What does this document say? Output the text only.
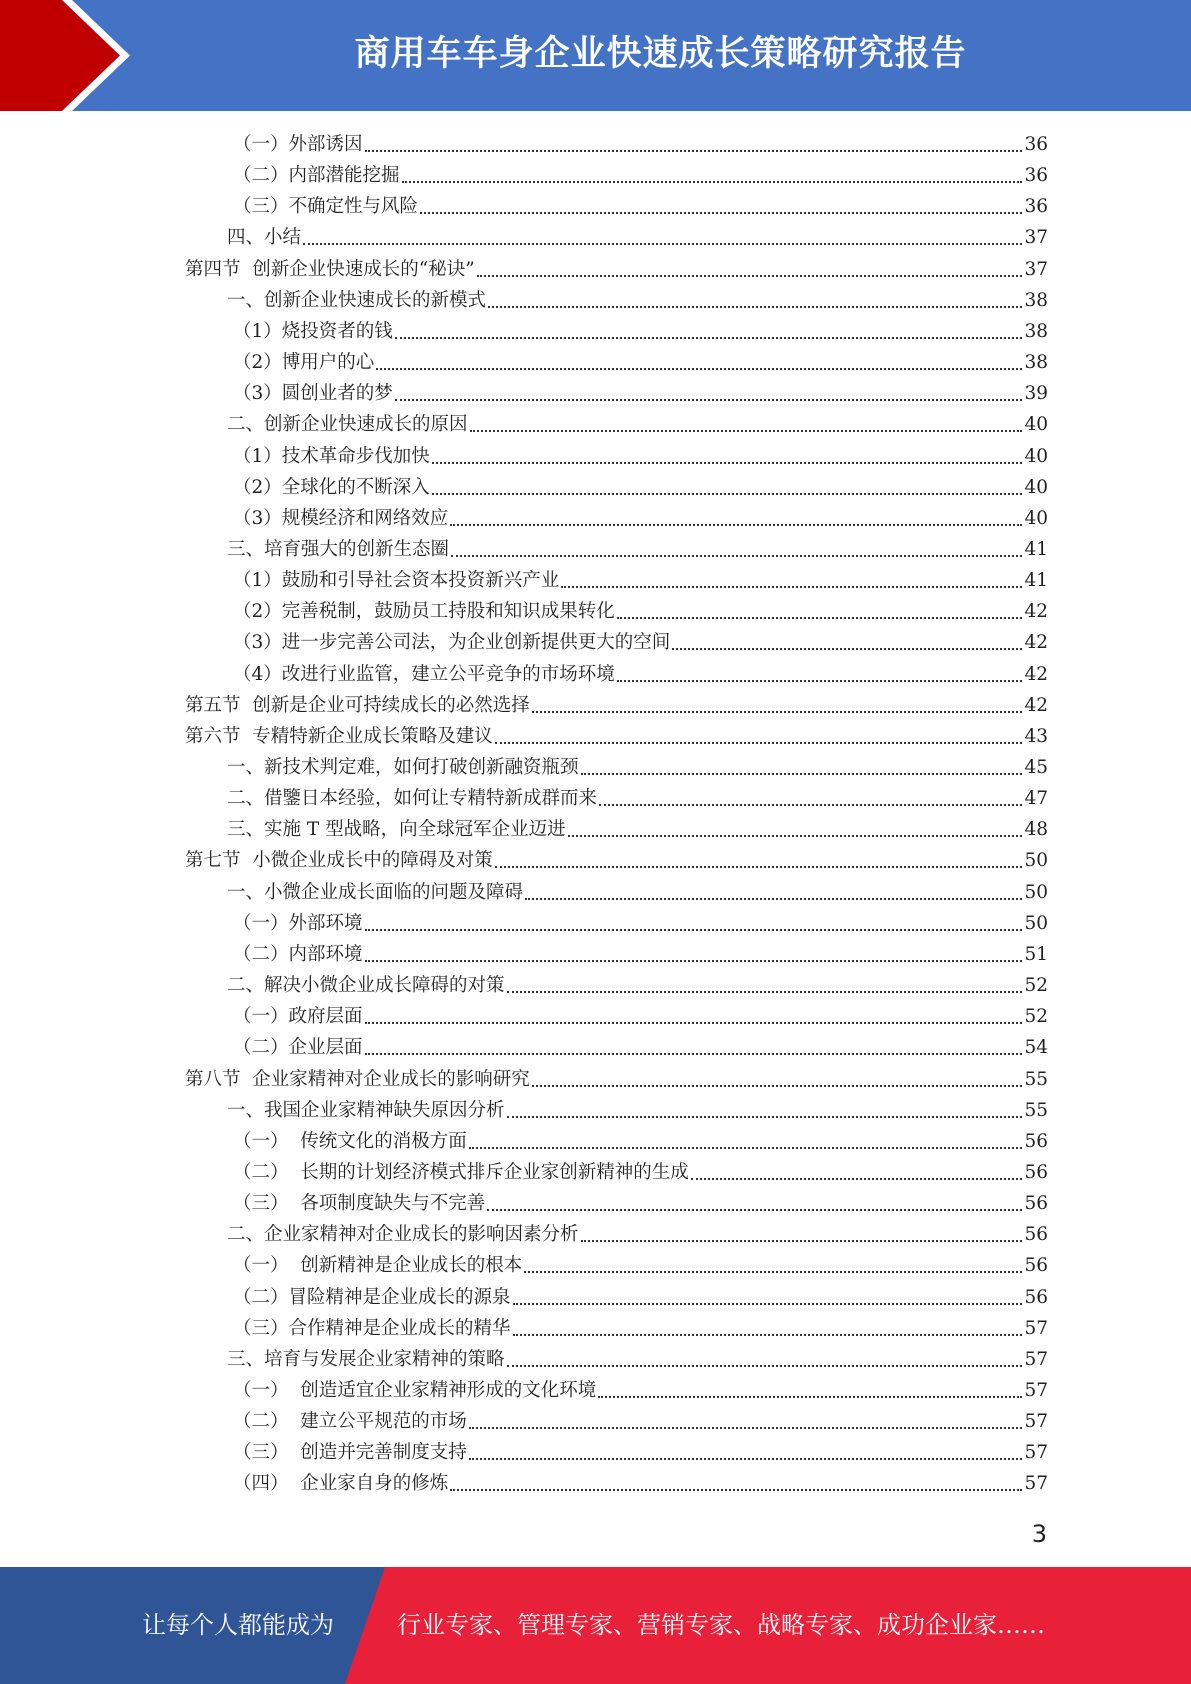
商用车车身企业快速成长策略研究报告
（一）外部诱因	36
（二）内部潜能挖掘	36
（三）不确定性与风险	36
四、小结	37
第四节  创新企业快速成长的“秘诀”	37
一、创新企业快速成长的新模式	38
（1）烧投资者的钱	38
（2）博用户的心	38
（3）圆创业者的梦	39
二、创新企业快速成长的原因	40
（1）技术革命步伐加快	40
（2）全球化的不断深入	40
（3）规模经济和网络效应	40
三、培育强大的创新生态圈	41
（1）鼓励和引导社会资本投资新兴产业	41
（2）完善税制，鼓励员工持股和知识成果转化	42
（3）进一步完善公司法，为企业创新提供更大的空间	42
（4）改进行业监管，建立公平竞争的市场环境	42
第五节  创新是企业可持续成长的必然选择	42
第六节  专精特新企业成长策略及建议	43
一、新技术判定难，如何打破创新融资瓶颈	45
二、借鑒日本经验，如何让专精特新成群而来	47
三、实施 T 型战略，向全球冠军企业迈进	48
第七节  小微企业成长中的障碍及对策	50
一、小微企业成长面临的问题及障碍	50
（一）外部环境	50
（二）内部环境	51
二、解决小微企业成长障碍的对策	52
（一）政府层面	52
（二）企业层面	54
第八节  企业家精神对企业成长的影响研究	55
一、我国企业家精神缺失原因分析	55
（一）  传统文化的消极方面	56
（二）  长期的计划经济模式排斥企业家创新精神的生成	56
（三）  各项制度缺失与不完善	56
二、企业家精神对企业成长的影响因素分析	56
（一）  创新精神是企业成长的根本	56
（二）冒险精神是企业成长的源泉	56
（三）合作精神是企业成长的精华	57
三、培育与发展企业家精神的策略	57
（一）  创造适宜企业家精神形成的文化环境	57
（二）  建立公平规范的市场	57
（三）  创造并完善制度支持	57
（四）  企业家自身的修炼	57
3
让每个人都能成为	行业专家、管理专家、营销专家、战略专家、成功企业家……
